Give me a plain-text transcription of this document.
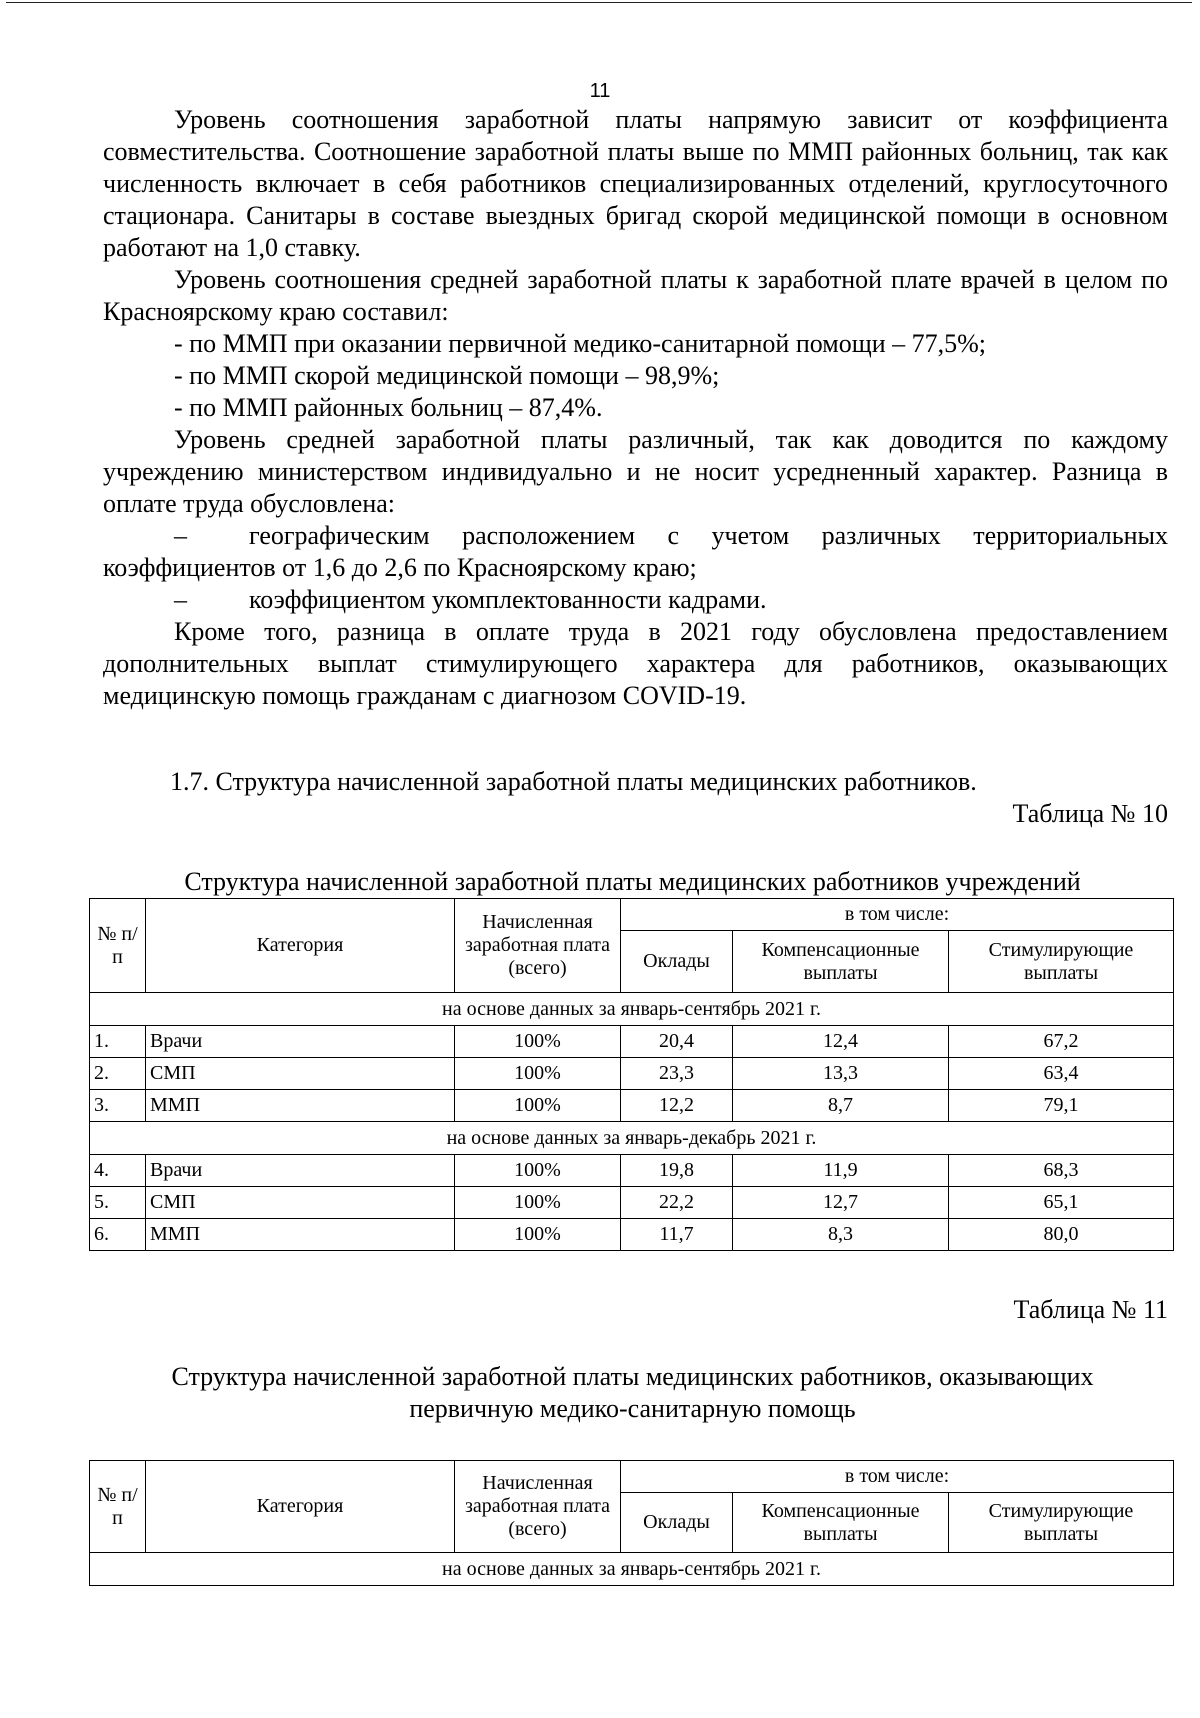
11

Уровень соотношения заработной платы напрямую зависит от коэффициента совместительства. Соотношение заработной платы выше по ММП районных больниц, так как численность включает в себя работников специализированных отделений, круглосуточного стационара. Санитары в составе выездных бригад скорой медицинской помощи в основном работают на 1,0 ставку.

Уровень соотношения средней заработной платы к заработной плате врачей в целом по Красноярскому краю составил:

- по ММП при оказании первичной медико-санитарной помощи – 77,5%;

- по ММП скорой медицинской помощи – 98,9%;

- по ММП районных больниц – 87,4%.

Уровень средней заработной платы различный, так как доводится по каждому учреждению министерством индивидуально и не носит усредненный характер. Разница в оплате труда обусловлена:

– географическим расположением с учетом различных территориальных коэффициентов от 1,6 до 2,6 по Красноярскому краю;

– коэффициентом укомплектованности кадрами.

Кроме того, разница в оплате труда в 2021 году обусловлена предоставлением дополнительных выплат стимулирующего характера для работников, оказывающих медицинскую помощь гражданам с диагнозом COVID-19.

1.7. Структура начисленной заработной платы медицинских работников.
Таблица № 10
Структура начисленной заработной платы медицинских работников учреждений
№ п/п	Категория	Начисленная заработная плата (всего)	в том числе:		
			Оклады	Компенсационные выплаты	Стимулирующие выплаты
на основе данных за январь-сентябрь 2021 г.					
1.	Врачи	100%	20,4	12,4	67,2
2.	СМП	100%	23,3	13,3	63,4
3.	ММП	100%	12,2	8,7	79,1
на основе данных за январь-декабрь 2021 г.					
4.	Врачи	100%	19,8	11,9	68,3
5.	СМП	100%	22,2	12,7	65,1
6.	ММП	100%	11,7	8,3	80,0
Таблица № 11
Структура начисленной заработной платы медицинских работников, оказывающих
первичную медико-санитарную помощь
№ п/п	Категория	Начисленная заработная плата (всего)	в том числе:		
			Оклады	Компенсационные выплаты	Стимулирующие выплаты
на основе данных за январь-сентябрь 2021 г.					
